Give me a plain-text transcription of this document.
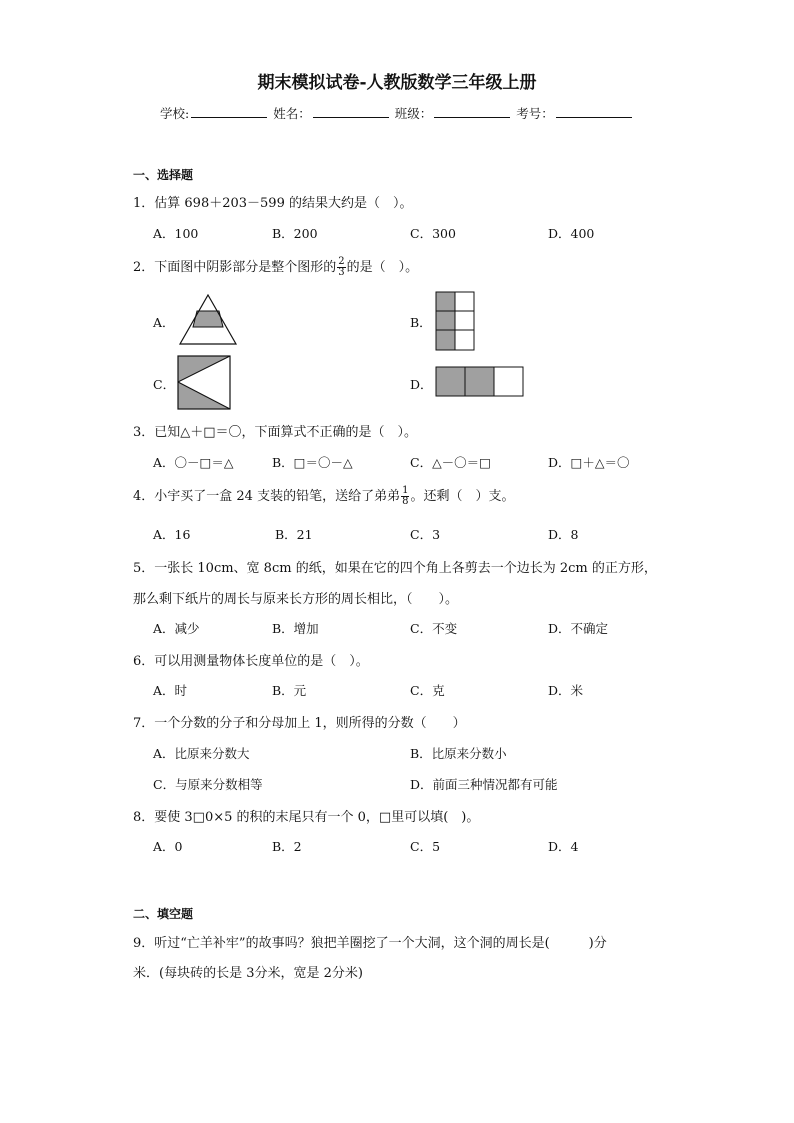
期末模拟试卷-人教版数学三年级上册
学校:	姓名：	班级：	考号：
一、选择题
1．估算 698＋203－599 的结果大约是（　）。
A．100	B．200	C．300	D．400
2．下面图中阴影部分是整个图形的 $\frac{2}{3}$ 的是（　）。
A．	B．
C．	D．
3．已知△＋□＝〇，下面算式不正确的是（　）。
A．〇－□＝△	B．□＝〇－△	C．△－〇＝□	D．□＋△＝〇
4．小宇买了一盒 24 支装的铅笔，送给了弟弟 $\frac{1}{8}$ 。还剩（　）支。
A．16	B．21	C．3	D．8
5．一张长 10cm、宽 8cm 的纸，如果在它的四个角上各剪去一个边长为 2cm 的正方形，
那么剩下纸片的周长与原来长方形的周长相比，（　　）。
A．减少	B．增加	C．不变	D．不确定
6．可以用测量物体长度单位的是（　）。
A．时	B．元	C．克	D．米
7．一个分数的分子和分母加上 1，则所得的分数（　　）
A．比原来分数大	B．比原来分数小
C．与原来分数相等	D．前面三种情况都有可能
8．要使 3□0×5 的积的末尾只有一个 0，□里可以填(　)。
A．0	B．2	C．5	D．4
二、填空题
9．听过“亡羊补牢”的故事吗？狼把羊圈挖了一个大洞，这个洞的周长是(　　　)分
米．(每块砖的长是 3分米，宽是 2分米)
